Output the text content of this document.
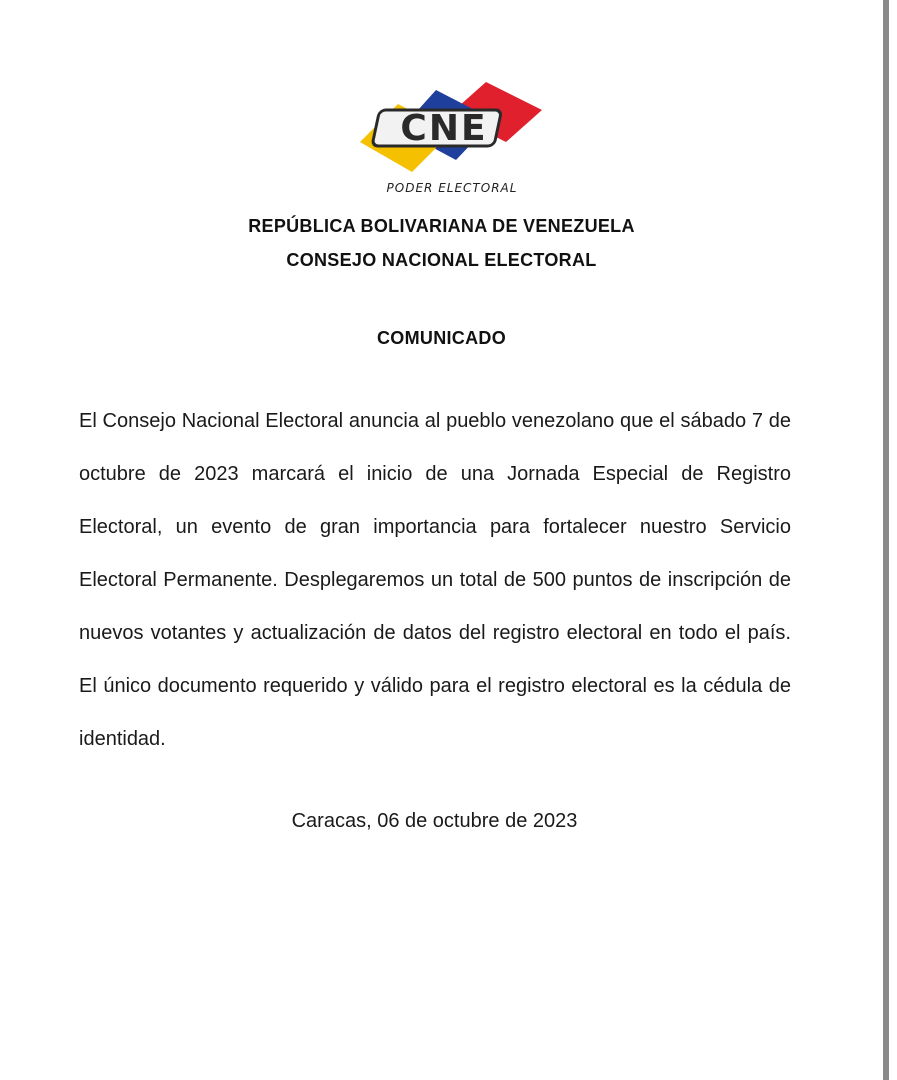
CNE
PODER ELECTORAL
REPÚBLICA BOLIVARIANA DE VENEZUELA
CONSEJO NACIONAL ELECTORAL
COMUNICADO

El Consejo Nacional Electoral anuncia al pueblo venezolano que el sábado 7 de octubre de 2023 marcará el inicio de una Jornada Especial de Registro Electoral, un evento de gran importancia para fortalecer nuestro Servicio Electoral Permanente. Desplegaremos un total de 500 puntos de inscripción de nuevos votantes y actualización de datos del registro electoral en todo el país. El único documento requerido y válido para el registro electoral es la cédula de identidad.

Caracas, 06 de octubre de 2023
